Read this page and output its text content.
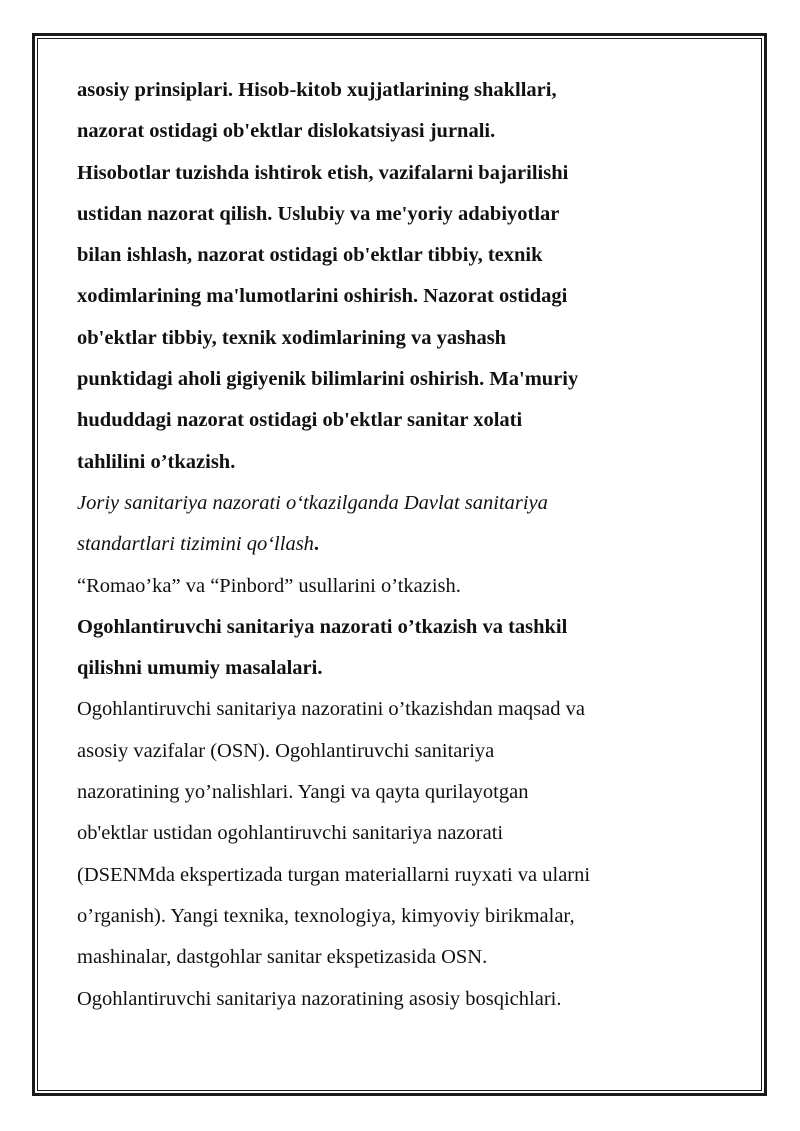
asosiy prinsiplari. Hisob-kitob xujjatlarining shakllari,
nazorat ostidagi ob'ektlar dislokatsiyasi jurnali.
Hisobotlar tuzishda ishtirok etish, vazifalarni bajarilishi
ustidan nazorat qilish. Uslubiy va me'yoriy adabiyotlar
bilan ishlash, nazorat ostidagi ob'ektlar tibbiy, texnik
xodimlarining ma'lumotlarini oshirish. Nazorat ostidagi
ob'ektlar tibbiy, texnik xodimlarining va yashash
punktidagi aholi gigiyenik bilimlarini oshirish. Ma'muriy
hududdagi nazorat ostidagi ob'ektlar sanitar xolati
tahlilini o’tkazish.
Joriy sanitariya nazorati o‘tkazilganda Davlat sanitariya
standartlari tizimini qo‘llash.
“Romao’ka” va “Pinbord” usullarini o’tkazish.
Ogohlantiruvchi sanitariya nazorati o’tkazish va tashkil
qilishni umumiy masalalari.
Ogohlantiruvchi sanitariya nazoratini o’tkazishdan maqsad va
asosiy vazifalar (OSN). Ogohlantiruvchi sanitariya
nazoratining yo’nalishlari. Yangi va qayta qurilayotgan
ob'ektlar ustidan ogohlantiruvchi sanitariya nazorati
(DSENMda ekspertizada turgan materiallarni ruyxati va ularni
o’rganish). Yangi texnika, texnologiya, kimyoviy birikmalar,
mashinalar, dastgohlar sanitar ekspetizasida OSN.
Ogohlantiruvchi sanitariya nazoratining asosiy bosqichlari.
